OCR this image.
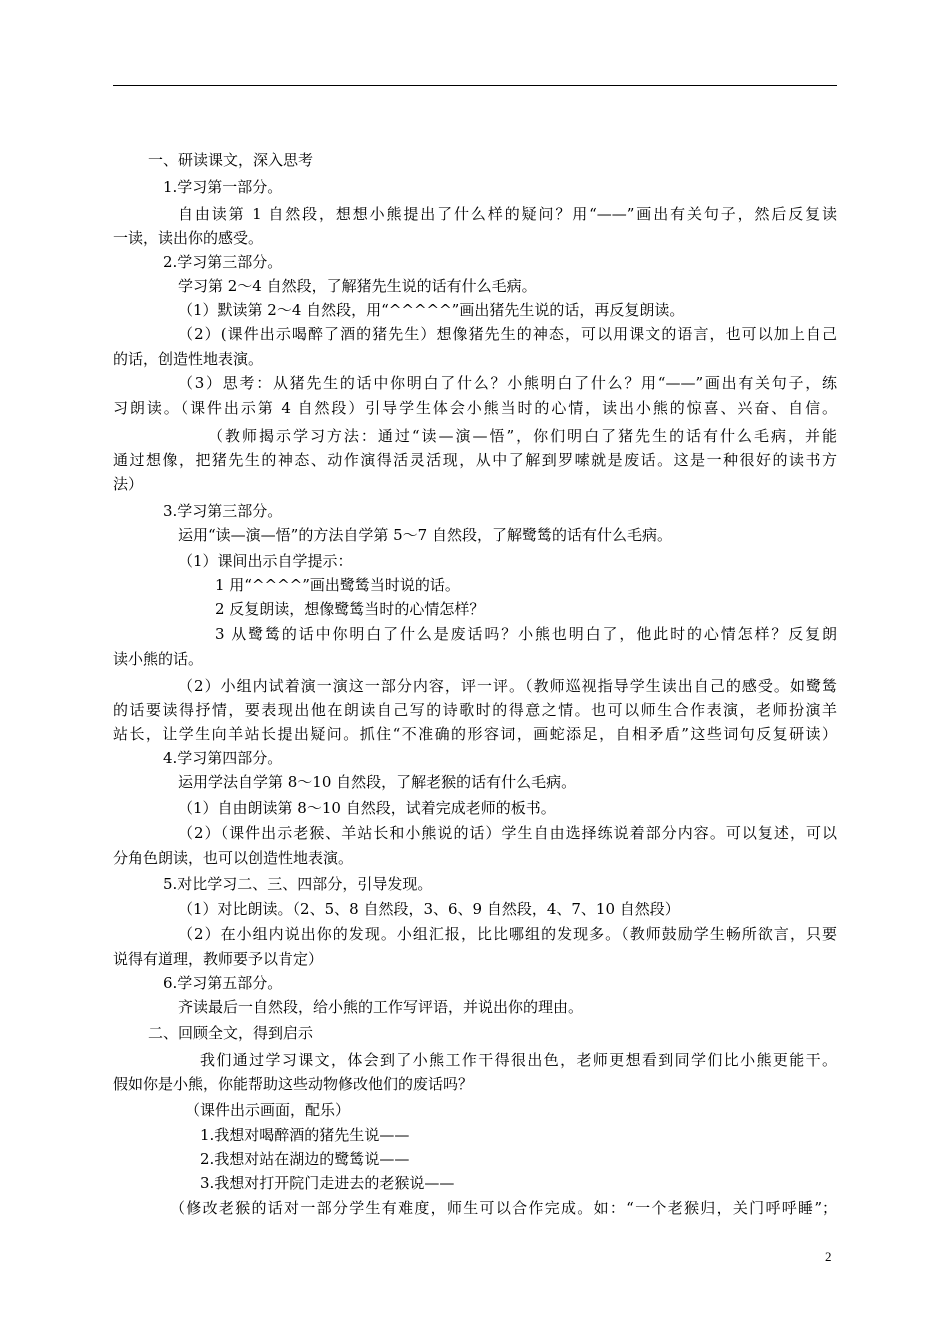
一、研读课文，深入思考
1.学习第一部分。
自由读第 1 自然段，想想小熊提出了什么样的疑问？用“——”画出有关句子，然后反复读
一读，读出你的感受。
2.学习第三部分。
学习第 2～4 自然段，了解猪先生说的话有什么毛病。
（1）默读第 2～4 自然段，用“^^^^^”画出猪先生说的话，再反复朗读。
（2）(课件出示喝醉了酒的猪先生）想像猪先生的神态，可以用课文的语言，也可以加上自己
的话，创造性地表演。
（3）思考：从猪先生的话中你明白了什么？小熊明白了什么？用“——”画出有关句子，练
习朗读。（课件出示第 4 自然段）引导学生体会小熊当时的心情，读出小熊的惊喜、兴奋、自信。
（教师揭示学习方法：通过“读—演—悟”，你们明白了猪先生的话有什么毛病，并能
通过想像，把猪先生的神态、动作演得活灵活现，从中了解到罗嗦就是废话。这是一种很好的读书方
法）
3.学习第三部分。
运用“读—演—悟”的方法自学第 5～7 自然段，了解鹭鸶的话有什么毛病。
（1）课间出示自学提示：
1 用“^^^^”画出鹭鸶当时说的话。
2 反复朗读，想像鹭鸶当时的心情怎样？
3 从鹭鸶的话中你明白了什么是废话吗？小熊也明白了，他此时的心情怎样？反复朗
读小熊的话。
（2）小组内试着演一演这一部分内容，评一评。（教师巡视指导学生读出自己的感受。如鹭鸶
的话要读得抒情，要表现出他在朗读自己写的诗歌时的得意之情。也可以师生合作表演，老师扮演羊
站长，让学生向羊站长提出疑问。抓住“不准确的形容词，画蛇添足，自相矛盾”这些词句反复研读）
4.学习第四部分。
运用学法自学第 8～10 自然段，了解老猴的话有什么毛病。
（1）自由朗读第 8～10 自然段，试着完成老师的板书。
（2）（课件出示老猴、羊站长和小熊说的话）学生自由选择练说着部分内容。可以复述，可以
分角色朗读，也可以创造性地表演。
5.对比学习二、三、四部分，引导发现。
（1）对比朗读。（2、5、8 自然段，3、6、9 自然段，4、7、10 自然段）
（2）在小组内说出你的发现。小组汇报，比比哪组的发现多。（教师鼓励学生畅所欲言，只要
说得有道理，教师要予以肯定）
6.学习第五部分。
齐读最后一自然段，给小熊的工作写评语，并说出你的理由。
二、回顾全文，得到启示
我们通过学习课文，体会到了小熊工作干得很出色，老师更想看到同学们比小熊更能干。
假如你是小熊，你能帮助这些动物修改他们的废话吗？
（课件出示画面，配乐）
1.我想对喝醉酒的猪先生说——
2.我想对站在湖边的鹭鸶说——
3.我想对打开院门走进去的老猴说——
（修改老猴的话对一部分学生有难度，师生可以合作完成。如：“一个老猴归，关门呼呼睡”；
2
